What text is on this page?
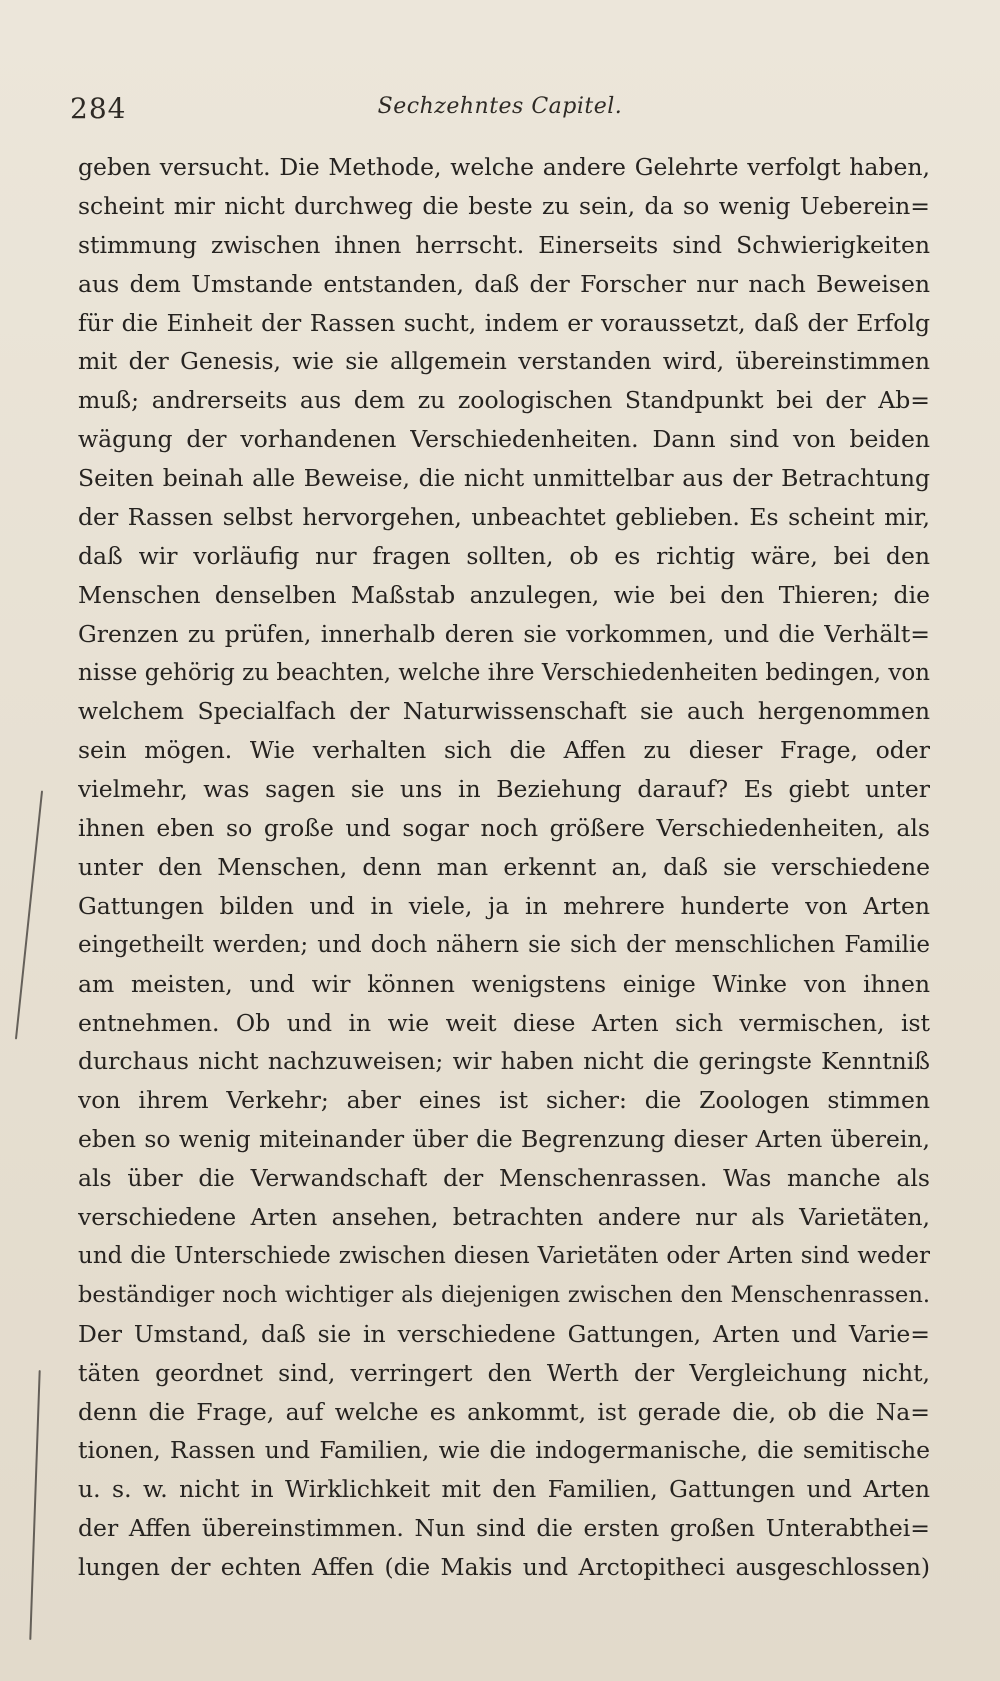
284	Sechzehntes Capitel.
geben versucht. Die Methode, welche andere Gelehrte verfolgt haben,
scheint mir nicht durchweg die beste zu sein, da so wenig Ueberein=
stimmung zwischen ihnen herrscht. Einerseits sind Schwierigkeiten
aus dem Umstande entstanden, daß der Forscher nur nach Beweisen
für die Einheit der Rassen sucht, indem er voraussetzt, daß der Erfolg
mit der Genesis, wie sie allgemein verstanden wird, übereinstimmen
muß; andrerseits aus dem zu zoologischen Standpunkt bei der Ab=
wägung der vorhandenen Verschiedenheiten. Dann sind von beiden
Seiten beinah alle Beweise, die nicht unmittelbar aus der Betrachtung
der Rassen selbst hervorgehen, unbeachtet geblieben. Es scheint mir,
daß wir vorläufig nur fragen sollten, ob es richtig wäre, bei den
Menschen denselben Maßstab anzulegen, wie bei den Thieren; die
Grenzen zu prüfen, innerhalb deren sie vorkommen, und die Verhält=
nisse gehörig zu beachten, welche ihre Verschiedenheiten bedingen, von
welchem Specialfach der Naturwissenschaft sie auch hergenommen
sein mögen. Wie verhalten sich die Affen zu dieser Frage, oder
vielmehr, was sagen sie uns in Beziehung darauf? Es giebt unter
ihnen eben so große und sogar noch größere Verschiedenheiten, als
unter den Menschen, denn man erkennt an, daß sie verschiedene
Gattungen bilden und in viele, ja in mehrere hunderte von Arten
eingetheilt werden; und doch nähern sie sich der menschlichen Familie
am meisten, und wir können wenigstens einige Winke von ihnen
entnehmen. Ob und in wie weit diese Arten sich vermischen, ist
durchaus nicht nachzuweisen; wir haben nicht die geringste Kenntniß
von ihrem Verkehr; aber eines ist sicher: die Zoologen stimmen
eben so wenig miteinander über die Begrenzung dieser Arten überein,
als über die Verwandschaft der Menschenrassen. Was manche als
verschiedene Arten ansehen, betrachten andere nur als Varietäten,
und die Unterschiede zwischen diesen Varietäten oder Arten sind weder
beständiger noch wichtiger als diejenigen zwischen den Menschenrassen.
Der Umstand, daß sie in verschiedene Gattungen, Arten und Varie=
täten geordnet sind, verringert den Werth der Vergleichung nicht,
denn die Frage, auf welche es ankommt, ist gerade die, ob die Na=
tionen, Rassen und Familien, wie die indogermanische, die semitische
u. s. w. nicht in Wirklichkeit mit den Familien, Gattungen und Arten
der Affen übereinstimmen. Nun sind die ersten großen Unterabthei=
lungen der echten Affen (die Makis und Arctopitheci ausgeschlossen)
